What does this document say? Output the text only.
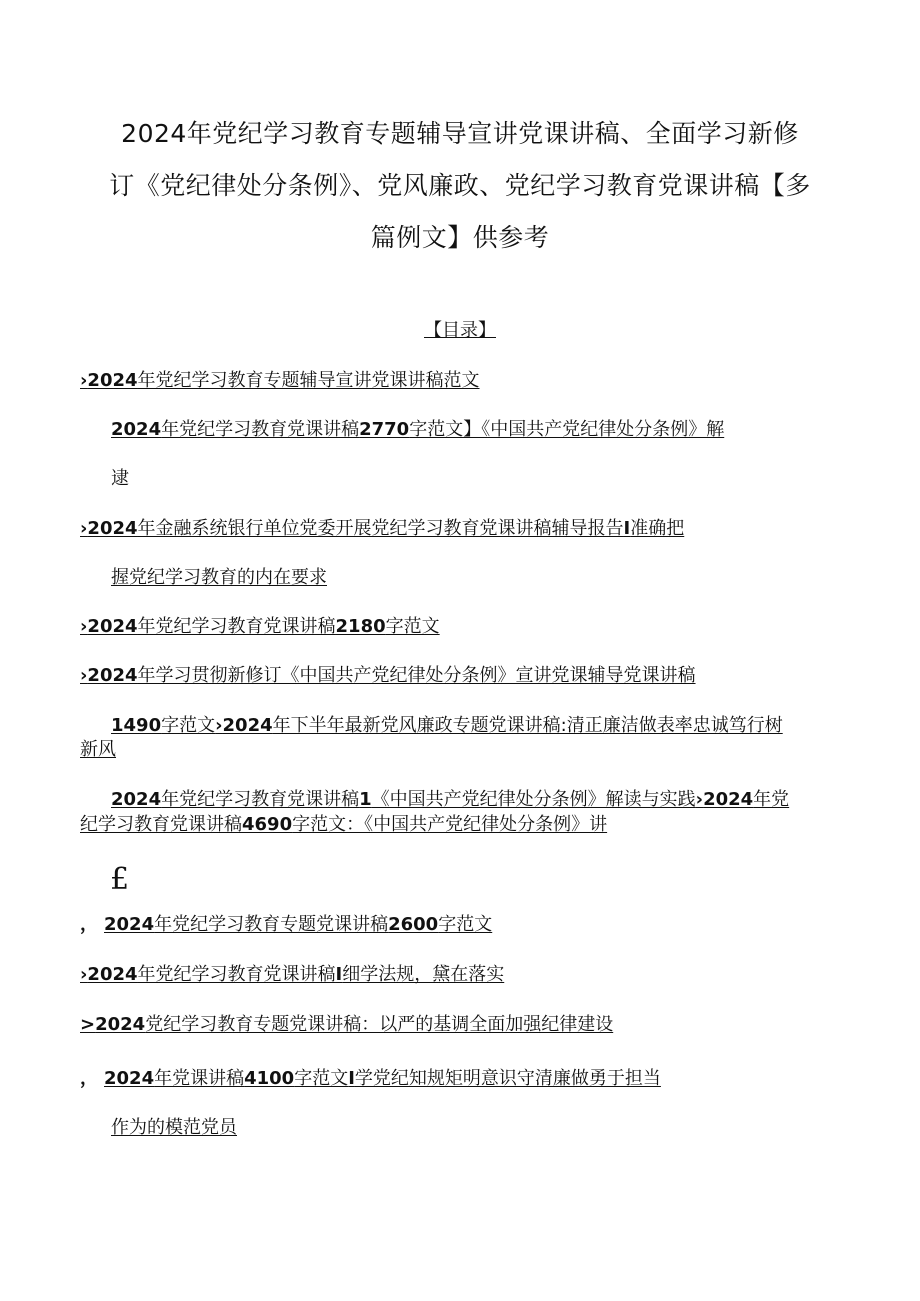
2024年党纪学习教育专题辅导宣讲党课讲稿、全面学习新修
订《党纪律处分条例》、党风廉政、党纪学习教育党课讲稿【多
篇例文】供参考
【目录】
›2024年党纪学习教育专题辅导宣讲党课讲稿范文
2024年党纪学习教育党课讲稿2770字范文】《中国共产党纪律处分条例》解
逮
›2024年金融系统银行单位党委开展党纪学习教育党课讲稿辅导报告I准确把
握党纪学习教育的内在要求
›2024年党纪学习教育党课讲稿2180字范文
›2024年学习贯彻新修订《中国共产党纪律处分条例》宣讲党课辅导党课讲稿
1490字范文›2024年下半年最新党风廉政专题党课讲稿:清正廉洁做表率忠诚笃行树
新风
2024年党纪学习教育党课讲稿1《中国共产党纪律处分条例》解读与实践›2024年党
纪学习教育党课讲稿4690字范文：《中国共产党纪律处分条例》讲
£
， 2024年党纪学习教育专题党课讲稿2600字范文
›2024年党纪学习教育党课讲稿I细学法规，黛在落实
>2024党纪学习教育专题党课讲稿：以严的基调全面加强纪律建设
， 2024年党课讲稿4100字范文I学党纪知规矩明意识守清廉做勇于担当
作为的模范党员
